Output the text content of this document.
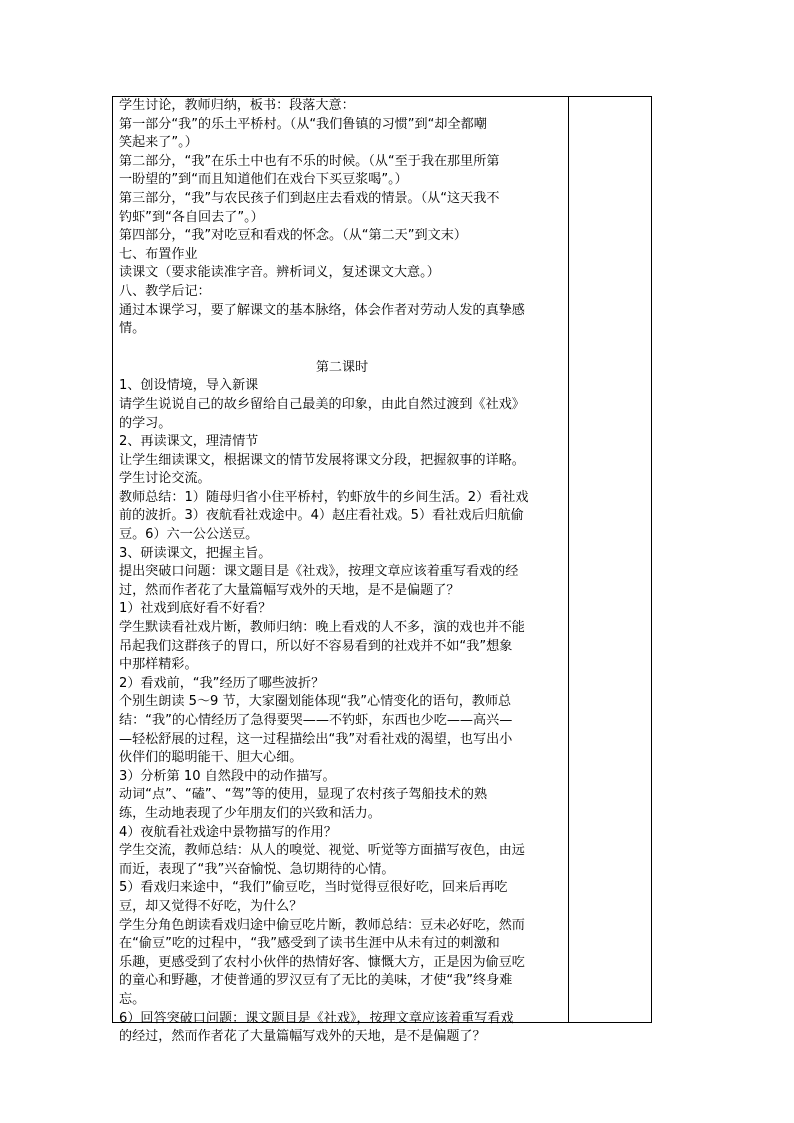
学生讨论，教师归纳，板书：段落大意：
第一部分“我”的乐土平桥村。（从“我们鲁镇的习惯”到“却全都嘲
笑起来了”。）
第二部分，“我”在乐土中也有不乐的时候。（从“至于我在那里所第
一盼望的”到“而且知道他们在戏台下买豆浆喝”。）
第三部分，“我”与农民孩子们到赵庄去看戏的情景。（从“这天我不
钓虾”到“各自回去了”。）
第四部分，“我”对吃豆和看戏的怀念。（从“第二天”到文末）
七、布置作业
读课文（要求能读准字音。辨析词义，复述课文大意。）
八、教学后记：
通过本课学习，要了解课文的基本脉络，体会作者对劳动人发的真挚感
情。
第二课时
1、创设情境，导入新课
请学生说说自己的故乡留给自己最美的印象，由此自然过渡到《社戏》
的学习。
2、再读课文，理清情节
让学生细读课文，根据课文的情节发展将课文分段，把握叙事的详略。
学生讨论交流。
教师总结：1）随母归省小住平桥村，钓虾放牛的乡间生活。2）看社戏
前的波折。3）夜航看社戏途中。4）赵庄看社戏。5）看社戏后归航偷
豆。6）六一公公送豆。
3、研读课文，把握主旨。
提出突破口问题：课文题目是《社戏》，按理文章应该着重写看戏的经
过，然而作者花了大量篇幅写戏外的天地，是不是偏题了？
1）社戏到底好看不好看？
学生默读看社戏片断，教师归纳：晚上看戏的人不多，演的戏也并不能
吊起我们这群孩子的胃口，所以好不容易看到的社戏并不如“我”想象
中那样精彩。
2）看戏前，“我”经历了哪些波折？
个别生朗读 5～9 节，大家圈划能体现“我”心情变化的语句，教师总
结：“我”的心情经历了急得要哭——不钓虾，东西也少吃——高兴—
—轻松舒展的过程，这一过程描绘出“我”对看社戏的渴望，也写出小
伙伴们的聪明能干、胆大心细。
3）分析第 10 自然段中的动作描写。
动词“点”、“磕”、“驾”等的使用，显现了农村孩子驾船技术的熟
练，生动地表现了少年朋友们的兴致和活力。
4）夜航看社戏途中景物描写的作用？
学生交流，教师总结：从人的嗅觉、视觉、听觉等方面描写夜色，由远
而近，表现了“我”兴奋愉悦、急切期待的心情。
5）看戏归来途中，“我们”偷豆吃，当时觉得豆很好吃，回来后再吃
豆，却又觉得不好吃，为什么？
学生分角色朗读看戏归途中偷豆吃片断，教师总结：豆未必好吃，然而
在“偷豆”吃的过程中，“我”感受到了读书生涯中从未有过的刺激和
乐趣，更感受到了农村小伙伴的热情好客、慷慨大方，正是因为偷豆吃
的童心和野趣，才使普通的罗汉豆有了无比的美味，才使“我”终身难
忘。
6）回答突破口问题：课文题目是《社戏》，按理文章应该着重写看戏
的经过，然而作者花了大量篇幅写戏外的天地，是不是偏题了？
